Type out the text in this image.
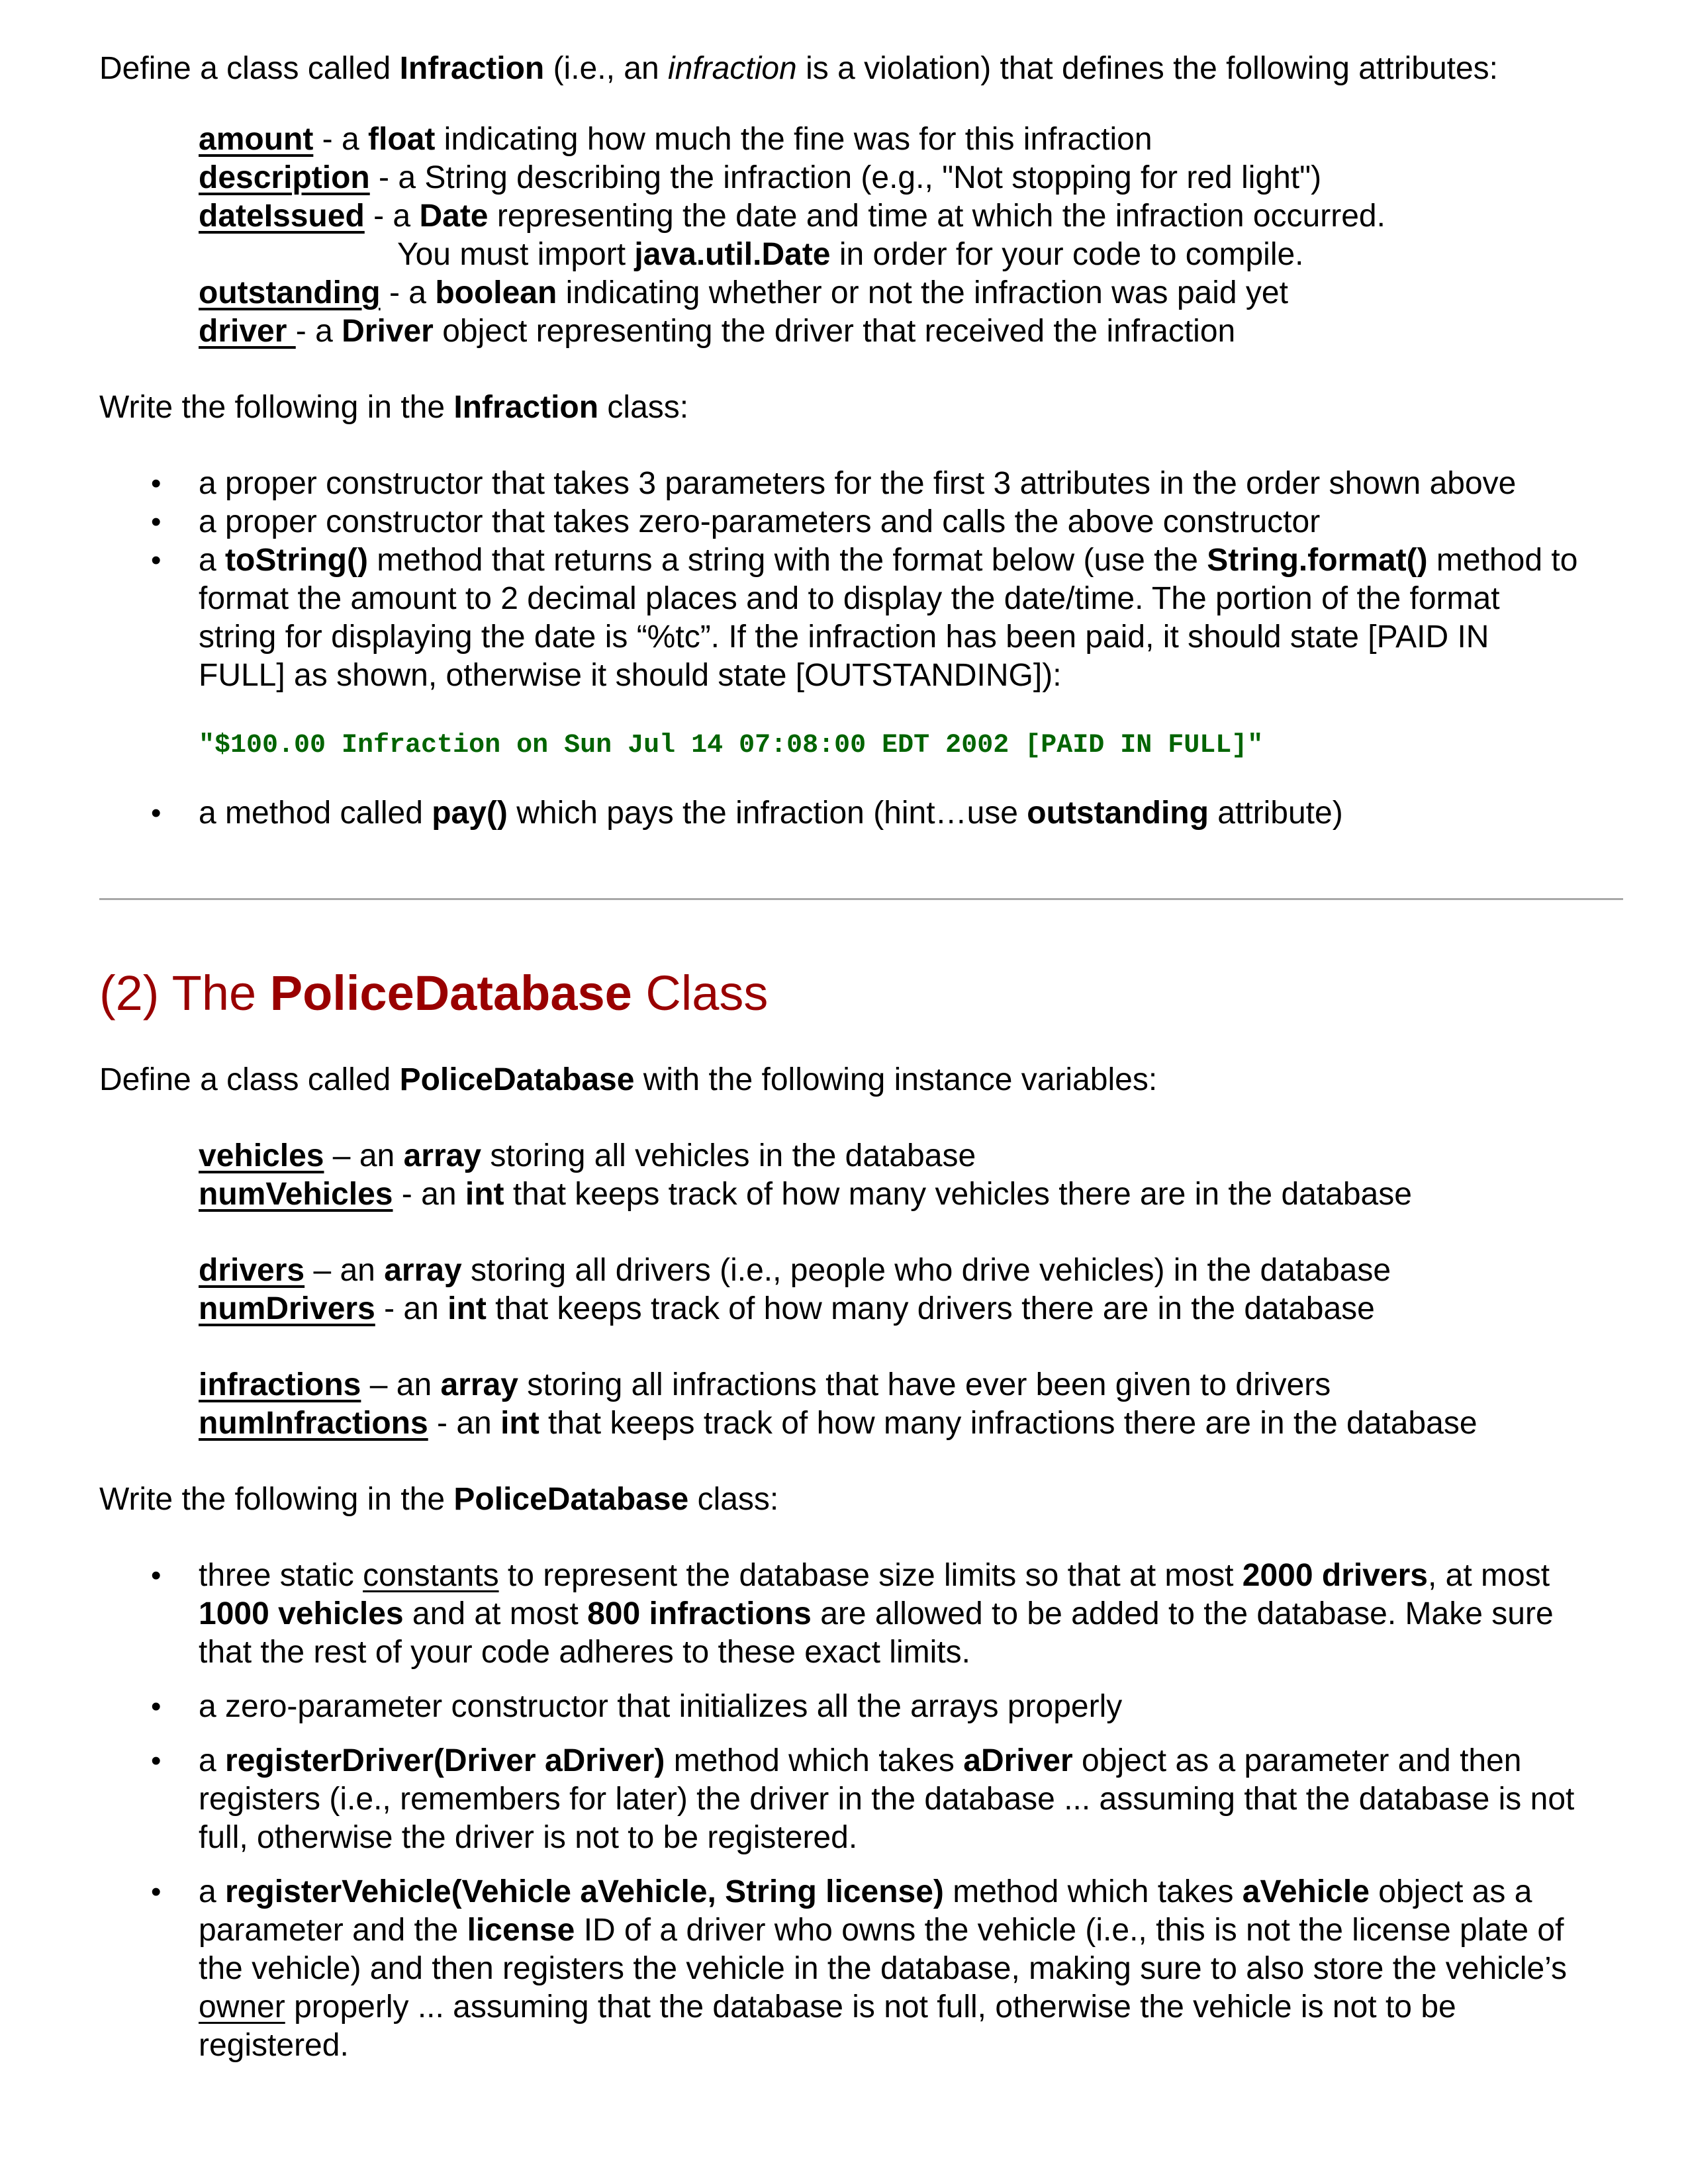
Define a class called Infraction (i.e., an infraction is a violation) that defines the following attributes:
amount - a float indicating how much the fine was for this infraction
description - a String describing the infraction (e.g., "Not stopping for red light")
dateIssued - a Date representing the date and time at which the infraction occurred.
You must import java.util.Date in order for your code to compile.
outstanding - a boolean indicating whether or not the infraction was paid yet
driver - a Driver object representing the driver that received the infraction
Write the following in the Infraction class:
• a proper constructor that takes 3 parameters for the first 3 attributes in the order shown above
• a proper constructor that takes zero-parameters and calls the above constructor
• a toString() method that returns a string with the format below (use the String.format() method to
format the amount to 2 decimal places and to display the date/time. The portion of the format
string for displaying the date is “%tc”. If the infraction has been paid, it should state [PAID IN
FULL] as shown, otherwise it should state [OUTSTANDING]):
"$100.00 Infraction on Sun Jul 14 07:08:00 EDT 2002 [PAID IN FULL]"
• a method called pay() which pays the infraction (hint…use outstanding attribute)
(2) The PoliceDatabase Class
Define a class called PoliceDatabase with the following instance variables:
vehicles – an array storing all vehicles in the database
numVehicles - an int that keeps track of how many vehicles there are in the database
drivers – an array storing all drivers (i.e., people who drive vehicles) in the database
numDrivers - an int that keeps track of how many drivers there are in the database
infractions – an array storing all infractions that have ever been given to drivers
numInfractions - an int that keeps track of how many infractions there are in the database
Write the following in the PoliceDatabase class:
• three static constants to represent the database size limits so that at most 2000 drivers, at most
1000 vehicles and at most 800 infractions are allowed to be added to the database. Make sure
that the rest of your code adheres to these exact limits.
• a zero-parameter constructor that initializes all the arrays properly
• a registerDriver(Driver aDriver) method which takes aDriver object as a parameter and then
registers (i.e., remembers for later) the driver in the database ... assuming that the database is not
full, otherwise the driver is not to be registered.
• a registerVehicle(Vehicle aVehicle, String license) method which takes aVehicle object as a
parameter and the license ID of a driver who owns the vehicle (i.e., this is not the license plate of
the vehicle) and then registers the vehicle in the database, making sure to also store the vehicle’s
owner properly ... assuming that the database is not full, otherwise the vehicle is not to be
registered.
